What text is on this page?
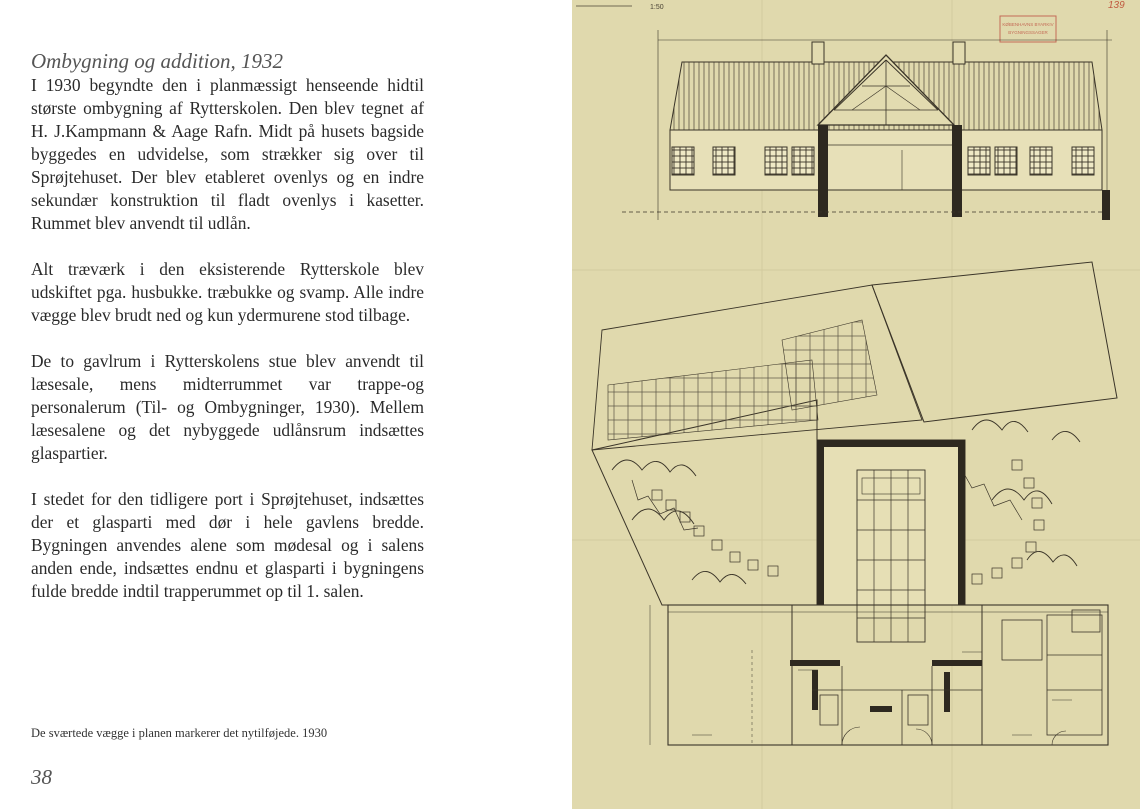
Ombygning og addition, 1932

I 1930 begyndte den i planmæssigt henseende hidtil største ombygning af Rytterskolen. Den blev tegnet af H. J.Kampmann & Aage Rafn. Midt på husets bagside byggedes en udvidelse, som strækker sig over til Sprøjtehuset. Der blev etableret ovenlys og en indre sekundær konstruktion til fladt ovenlys i kasetter. Rummet blev anvendt til udlån.

Alt træværk i den eksisterende Rytterskole blev udskiftet pga. husbukke. træbukke og svamp. Alle indre vægge blev brudt ned og kun ydermurene stod tilbage.

De to gavlrum i Rytterskolens stue blev anvendt til læsesale, mens midterrummet var trappe-og personalerum (Til- og Ombygninger, 1930). Mellem læsesalene og det nybyggede udlånsrum indsættes glaspartier.

I stedet for den tidligere port i Sprøjtehuset, indsættes der et glasparti med dør i hele gavlens bredde. Bygningen anvendes alene som mødesal og i salens anden ende, indsættes endnu et glasparti i bygningens fulde bredde indtil trapperummet op til 1. salen.

De sværtede vægge i planen markerer det nytilføjede. 1930
38
1:50	139
KØBENHAVNS BYARKIV
BYGNINGSSAGER
